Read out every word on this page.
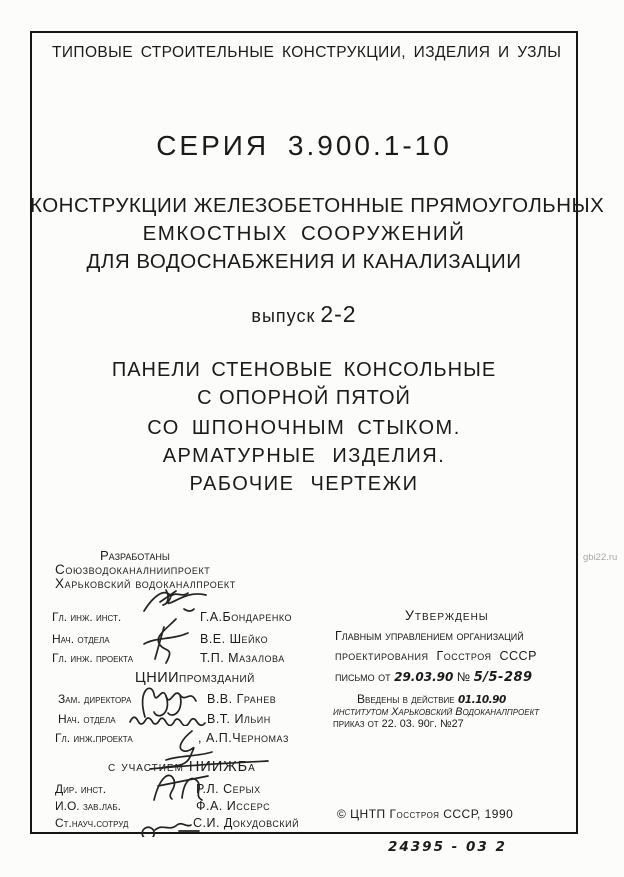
ТИПОВЫЕ СТРОИТЕЛЬНЫЕ КОНСТРУКЦИИ, ИЗДЕЛИЯ И УЗЛЫ
СЕРИЯ 3.900.1-10
КОНСТРУКЦИИ ЖЕЛЕЗОБЕТОННЫЕ ПРЯМОУГОЛЬНЫХ
ЕМКОСТНЫХ СООРУЖЕНИЙ
ДЛЯ ВОДОСНАБЖЕНИЯ И КАНАЛИЗАЦИИ
выпуск 2-2
ПАНЕЛИ СТЕНОВЫЕ КОНСОЛЬНЫЕ
С ОПОРНОЙ ПЯТОЙ
СО ШПОНОЧНЫМ СТЫКОМ.
АРМАТУРНЫЕ ИЗДЕЛИЯ.
РАБОЧИЕ ЧЕРТЕЖИ
Разработаны
Союзводоканалниипроект
Харьковский водоканалпроект
Гл. инж. инст.	Г.А.Бондаренко
Нач. отдела	В.Е. Шейко
Гл. инж. проекта	Т.П. Мазалова
ЦНИИпромзданий
Зам. директора	В.В. Гранев
Нач. отдела	В.Т. Ильин
Гл. инж.проекта	, А.П.Черномаз
с участием НИИЖБа
Дир. инст.	Р.Л. Серых
И.О. зав.лаб.	Ф.А. Иссерс
Ст.науч.сотруд	С.И. Докудовский
Утверждены
Главным управлением организаций
проектирования Госстроя СССР
письмо от 29.03.90 № 5/5-289
Введены в действие 01.10.90
институтом Харьковский Водоканалпроект
приказ от 22. 03. 90г. №27
© ЦНТП Госстроя СССР, 1990
24395 - 03 2
gbi22.ru
